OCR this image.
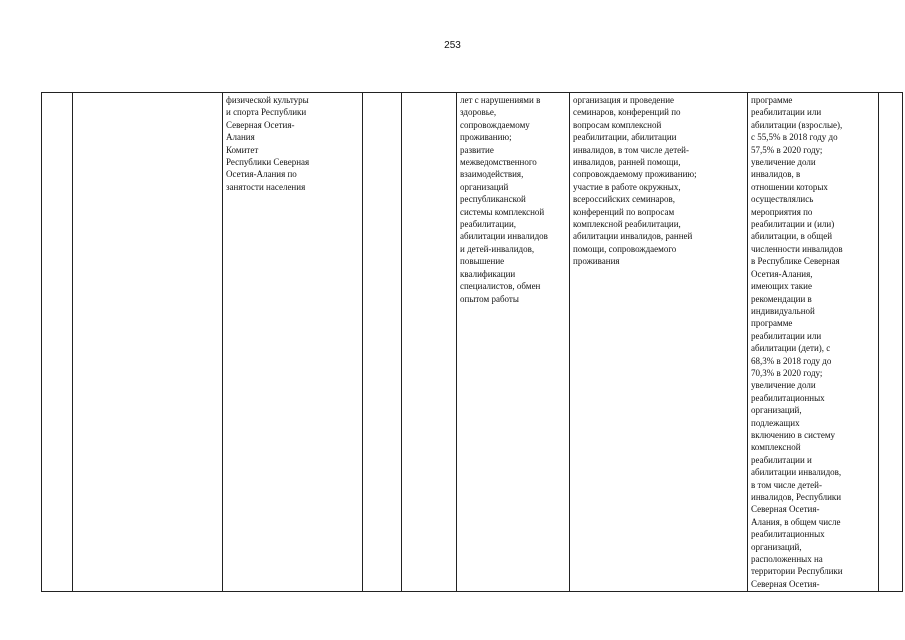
253
		физической культуры
и спорта Республики
Северная Осетия-
Алания
Комитет
Республики Северная
Осетия-Алания по
занятости населения			лет с нарушениями в
здоровье,
сопровождаемому
проживанию;
развитие
межведомственного
взаимодействия,
организаций
республиканской
системы комплексной
реабилитации,
абилитации инвалидов
и детей-инвалидов,
повышение
квалификации
специалистов, обмен
опытом работы	организация и проведение
семинаров, конференций по
вопросам комплексной
реабилитации, абилитации
инвалидов, в том числе детей-
инвалидов, ранней помощи,
сопровождаемому проживанию;
участие в работе окружных,
всероссийских семинаров,
конференций по вопросам
комплексной реабилитации,
абилитации инвалидов, ранней
помощи, сопровождаемого
проживания	программе
реабилитации или
абилитации (взрослые),
с 55,5% в 2018 году до
57,5% в 2020 году;
увеличение доли
инвалидов, в
отношении которых
осуществлялись
мероприятия по
реабилитации и (или)
абилитации, в общей
численности инвалидов
в Республике Северная
Осетия-Алания,
имеющих такие
рекомендации в
индивидуальной
программе
реабилитации или
абилитации (дети), с
68,3% в 2018 году до
70,3% в 2020 году;
увеличение доли
реабилитационных
организаций,
подлежащих
включению в систему
комплексной
реабилитации и
абилитации инвалидов,
в том числе детей-
инвалидов, Республики
Северная Осетия-
Алания, в общем числе
реабилитационных
организаций,
расположенных на
территории Республики
Северная Осетия-	
